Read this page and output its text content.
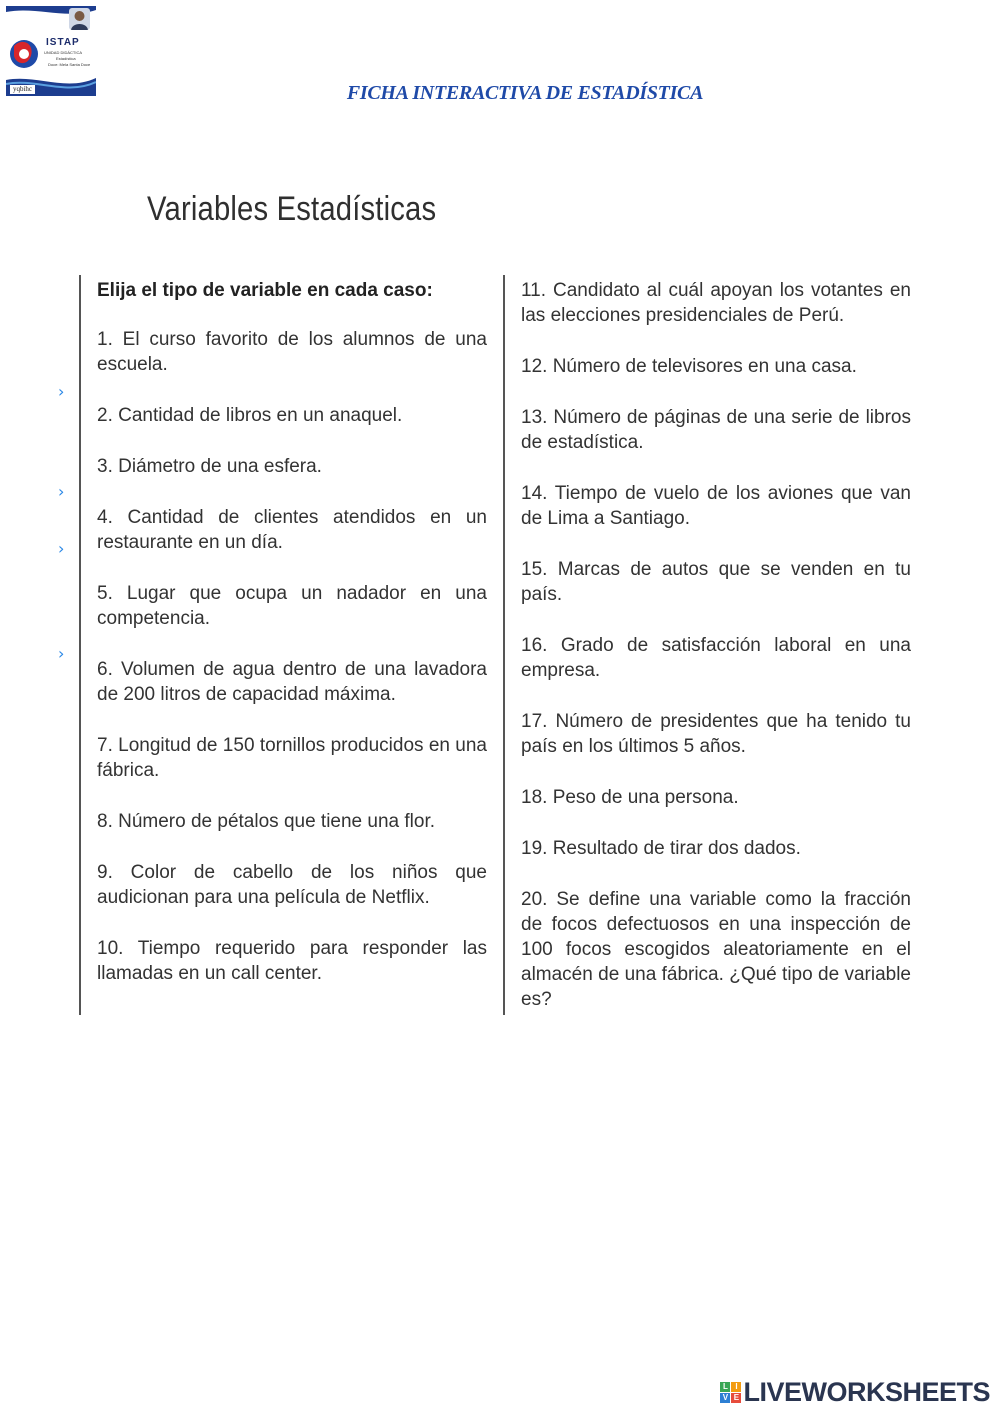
ISTAP
UNIDAD DIDÁCTICA
Estadística
Doce: Mela Santa Doce
yqbihc	FICHA INTERACTIVA DE ESTADÍSTICA
Variables Estadísticas
›
›
›
›
Elija el tipo de variable en cada caso:
1. El curso favorito de los alumnos de una escuela.
2. Cantidad de libros en un anaquel.
3. Diámetro de una esfera.
4. Cantidad de clientes atendidos en un restaurante en un día.
5. Lugar que ocupa un nadador en una competencia.
6. Volumen de agua dentro de una lavadora de 200 litros de capacidad máxima.
7. Longitud de 150 tornillos producidos en una fábrica.
8. Número de pétalos que tiene una flor.
9. Color de cabello de los niños que audicionan para una película de Netflix.
10. Tiempo requerido para responder las llamadas en un call center.
11. Candidato al cuál apoyan los votantes en las elecciones presidenciales de Perú.
12. Número de televisores en una casa.
13. Número de páginas de una serie de libros de estadística.
14. Tiempo de vuelo de los aviones que van de Lima a Santiago.
15. Marcas de autos que se venden en tu país.
16. Grado de satisfacción laboral en una empresa.
17. Número de presidentes que ha tenido tu país en los últimos 5 años.
18. Peso de una persona.
19. Resultado de tirar dos dados.
20. Se define una variable como la fracción de focos defectuosos en una inspección de 100 focos escogidos aleatoriamente en el almacén de una fábrica. ¿Qué tipo de variable es?
L I
V E LIVEWORKSHEETS
